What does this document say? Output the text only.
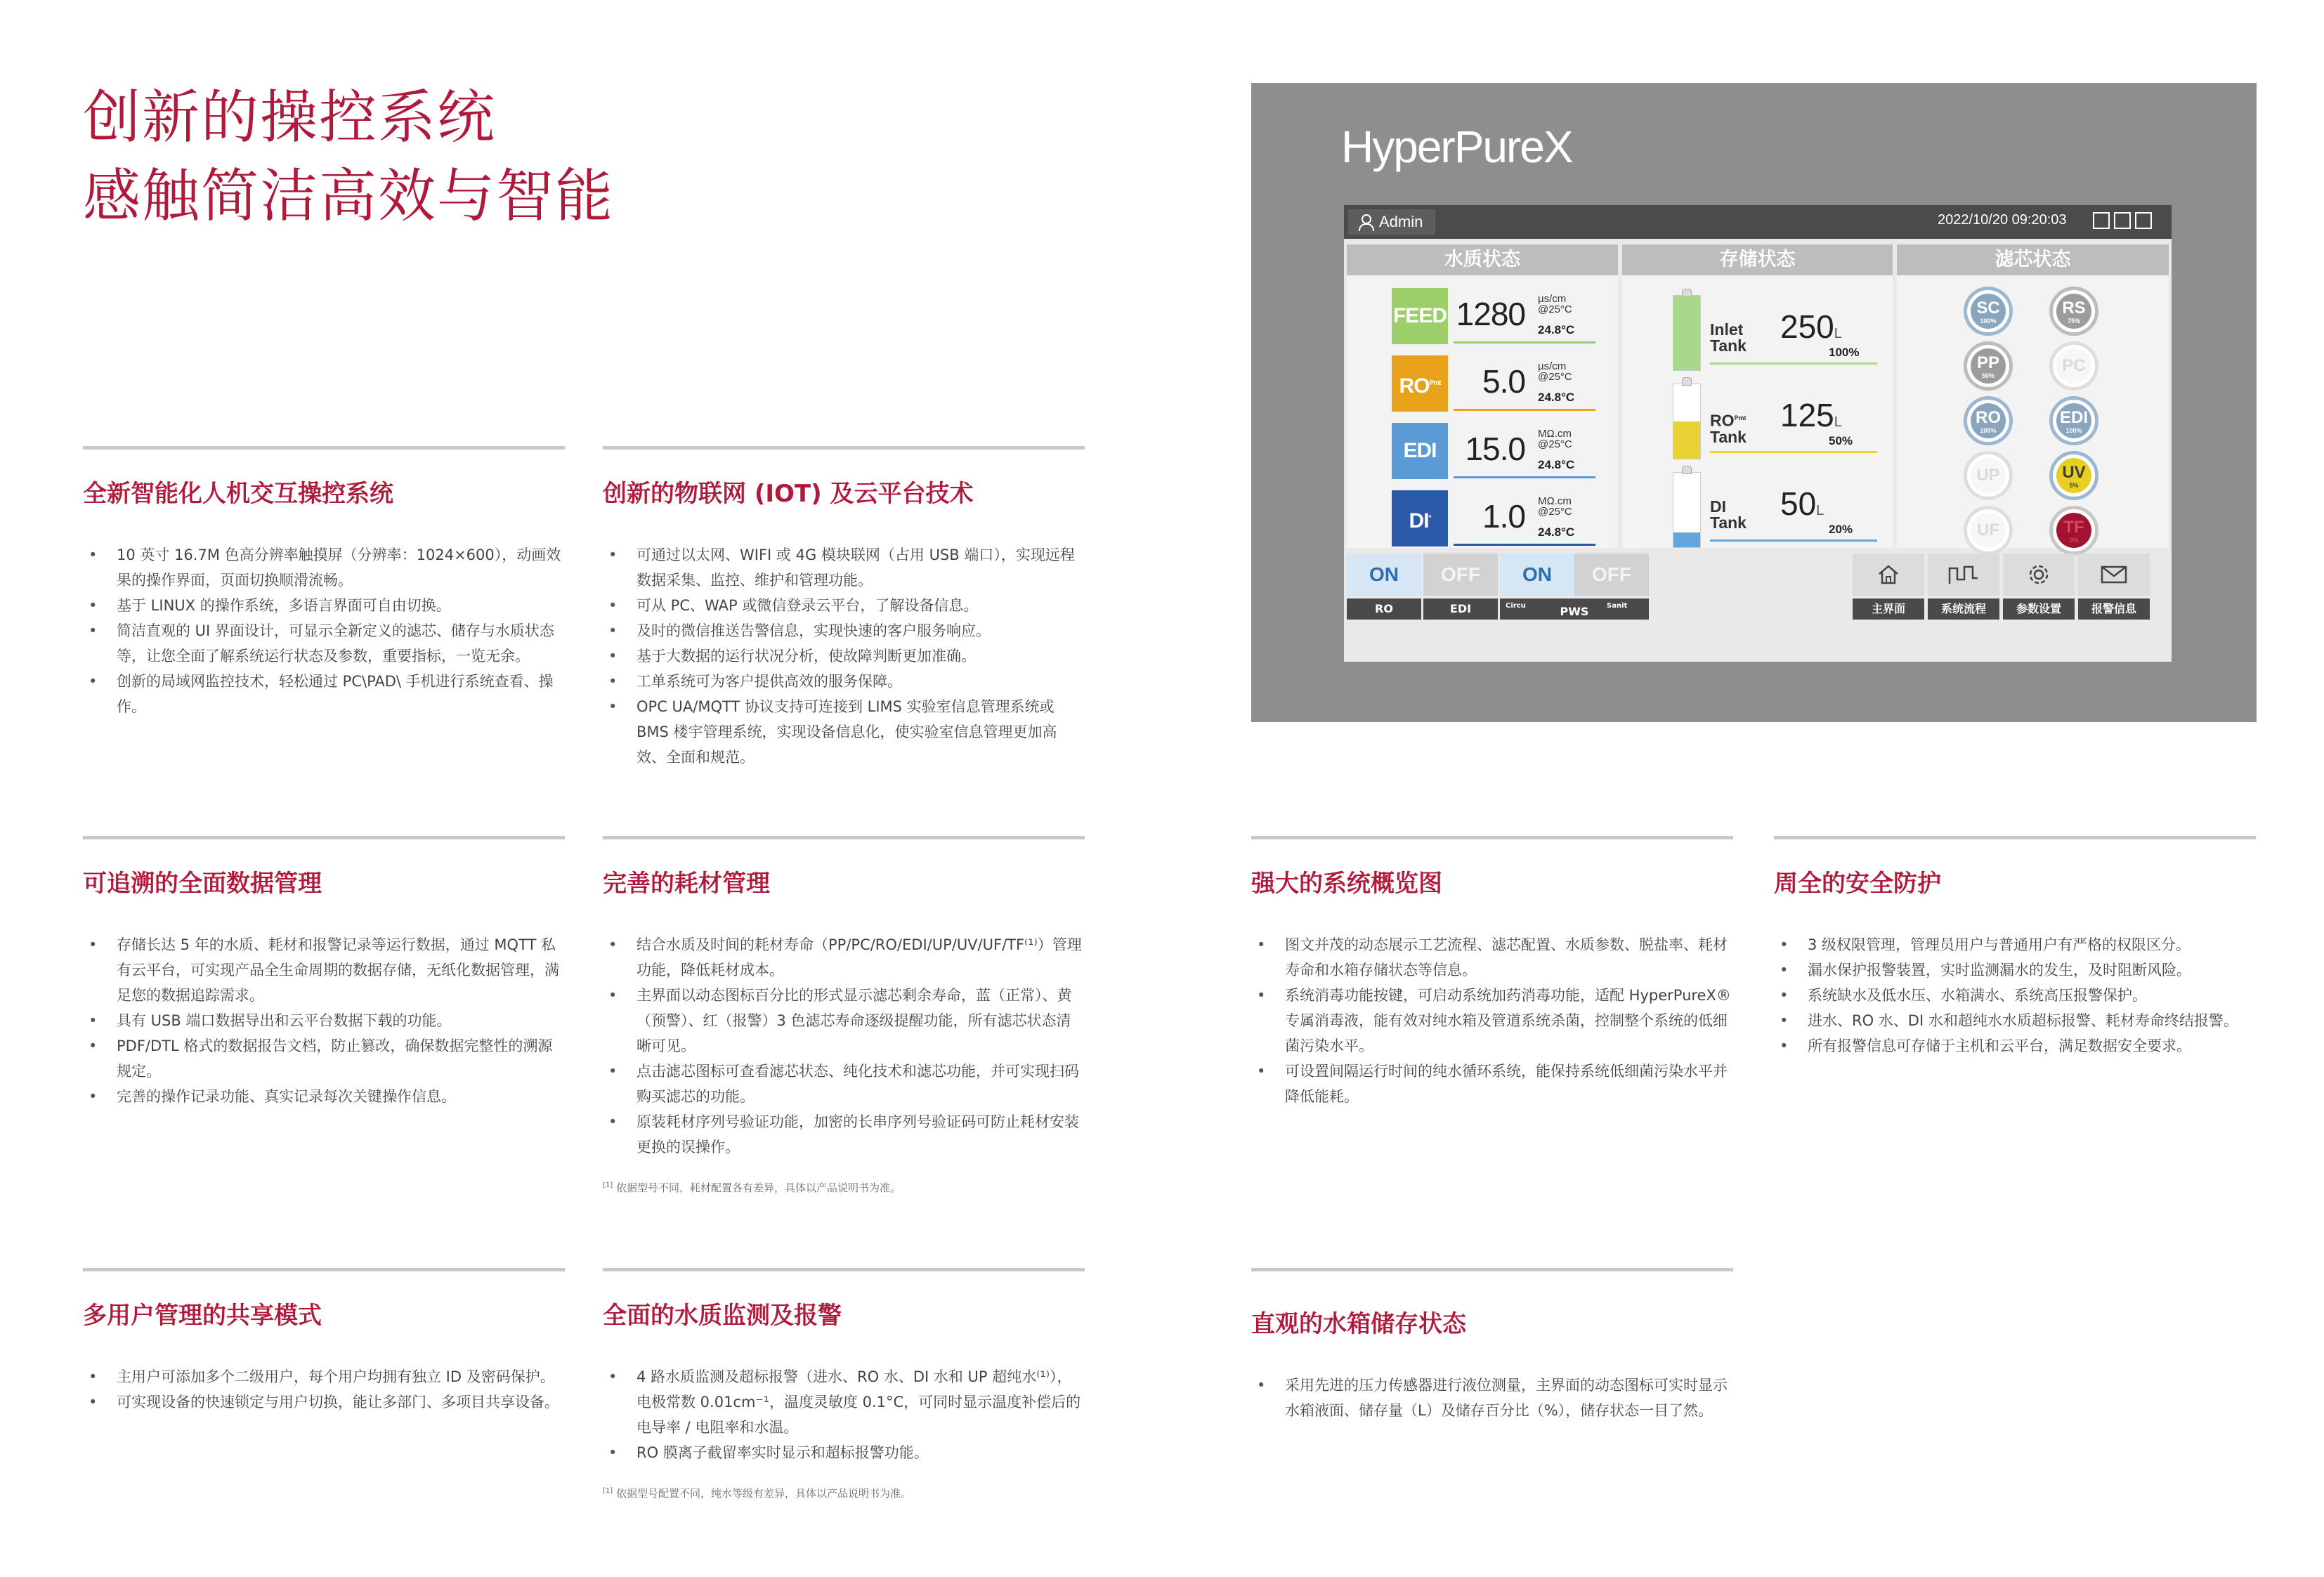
创新的操控系统
感触简洁高效与智能
全新智能化人机交互操控系统
• 10 英寸 16.7M 色高分辨率触摸屏（分辨率：1024×600），动画效果的操作界面，页面切换顺滑流畅。
• 基于 LINUX 的操作系统，多语言界面可自由切换。
• 简洁直观的 UI 界面设计，可显示全新定义的滤芯、储存与水质状态等，让您全面了解系统运行状态及参数，重要指标，一览无余。
• 创新的局域网监控技术，轻松通过 PC\PAD\ 手机进行系统查看、操作。
创新的物联网 (IOT) 及云平台技术
• 可通过以太网、WIFI 或 4G 模块联网（占用 USB 端口），实现远程数据采集、监控、维护和管理功能。
• 可从 PC、WAP 或微信登录云平台，了解设备信息。
• 及时的微信推送告警信息，实现快速的客户服务响应。
• 基于大数据的运行状况分析，使故障判断更加准确。
• 工单系统可为客户提供高效的服务保障。
• OPC UA/MQTT 协议支持可连接到 LIMS 实验室信息管理系统或 BMS 楼宇管理系统，实现设备信息化，使实验室信息管理更加高效、全面和规范。
可追溯的全面数据管理
• 存储长达 5 年的水质、耗材和报警记录等运行数据，通过 MQTT 私有云平台，可实现产品全生命周期的数据存储，无纸化数据管理，满足您的数据追踪需求。
• 具有 USB 端口数据导出和云平台数据下载的功能。
• PDF/DTL 格式的数据报告文档，防止篡改，确保数据完整性的溯源规定。
• 完善的操作记录功能、真实记录每次关键操作信息。
完善的耗材管理
• 结合水质及时间的耗材寿命（PP/PC/RO/EDI/UP/UV/UF/TF⁽¹⁾）管理功能，降低耗材成本。
• 主界面以动态图标百分比的形式显示滤芯剩余寿命，蓝（正常）、黄（预警）、红（报警）3 色滤芯寿命逐级提醒功能，所有滤芯状态清晰可见。
• 点击滤芯图标可查看滤芯状态、纯化技术和滤芯功能，并可实现扫码购买滤芯的功能。
• 原装耗材序列号验证功能，加密的长串序列号验证码可防止耗材安装更换的误操作。
[1] 依据型号不同，耗材配置各有差异，具体以产品说明书为准。
强大的系统概览图
• 图文并茂的动态展示工艺流程、滤芯配置、水质参数、脱盐率、耗材寿命和水箱存储状态等信息。
• 系统消毒功能按键，可启动系统加药消毒功能，适配 HyperPureX® 专属消毒液，能有效对纯水箱及管道系统杀菌，控制整个系统的低细菌污染水平。
• 可设置间隔运行时间的纯水循环系统，能保持系统低细菌污染水平并降低能耗。
周全的安全防护
• 3 级权限管理，管理员用户与普通用户有严格的权限区分。
• 漏水保护报警装置，实时监测漏水的发生，及时阻断风险。
• 系统缺水及低水压、水箱满水、系统高压报警保护。
• 进水、RO 水、DI 水和超纯水水质超标报警、耗材寿命终结报警。
• 所有报警信息可存储于主机和云平台，满足数据安全要求。
多用户管理的共享模式
• 主用户可添加多个二级用户，每个用户均拥有独立 ID 及密码保护。
• 可实现设备的快速锁定与用户切换，能让多部门、多项目共享设备。
全面的水质监测及报警
• 4 路水质监测及超标报警（进水、RO 水、DI 水和 UP 超纯水⁽¹⁾），电极常数 0.01cm⁻¹，温度灵敏度 0.1°C，可同时显示温度补偿后的电导率 / 电阻率和水温。
• RO 膜离子截留率实时显示和超标报警功能。
[1] 依据型号配置不同，纯水等级有差异，具体以产品说明书为准。
直观的水箱储存状态
• 采用先进的压力传感器进行液位测量，主界面的动态图标可实时显示水箱液面、储存量（L）及储存百分比（%），储存状态一目了然。
HyperPureX
Admin	2022/10/20 09:20:03
水质状态
FEED 1280 µs/cm
@25°C
24.8°C
$RO^{Pmt}$ 5.0 µs/cm
@25°C
24.8°C
EDI 15.0 MΩ.cm
@25°C
24.8°C
DI*	1.0 MΩ.cm
@25°C
24.8°C
存储状态
Inlet
Tank
250L
100%
$RO^{Pmt}$
Tank
125L
50%
DI
Tank
50L
20%
滤芯状态
SC
100%
RS
75%
PP
50%
PC
RO
100%
EDI
100%
UP	UV
5%
UF	TF
0%
ON
RO
OFF
EDI
ON	OFF
Circu	Sanit
PWS	主界面	系统流程	参数设置	报警信息
